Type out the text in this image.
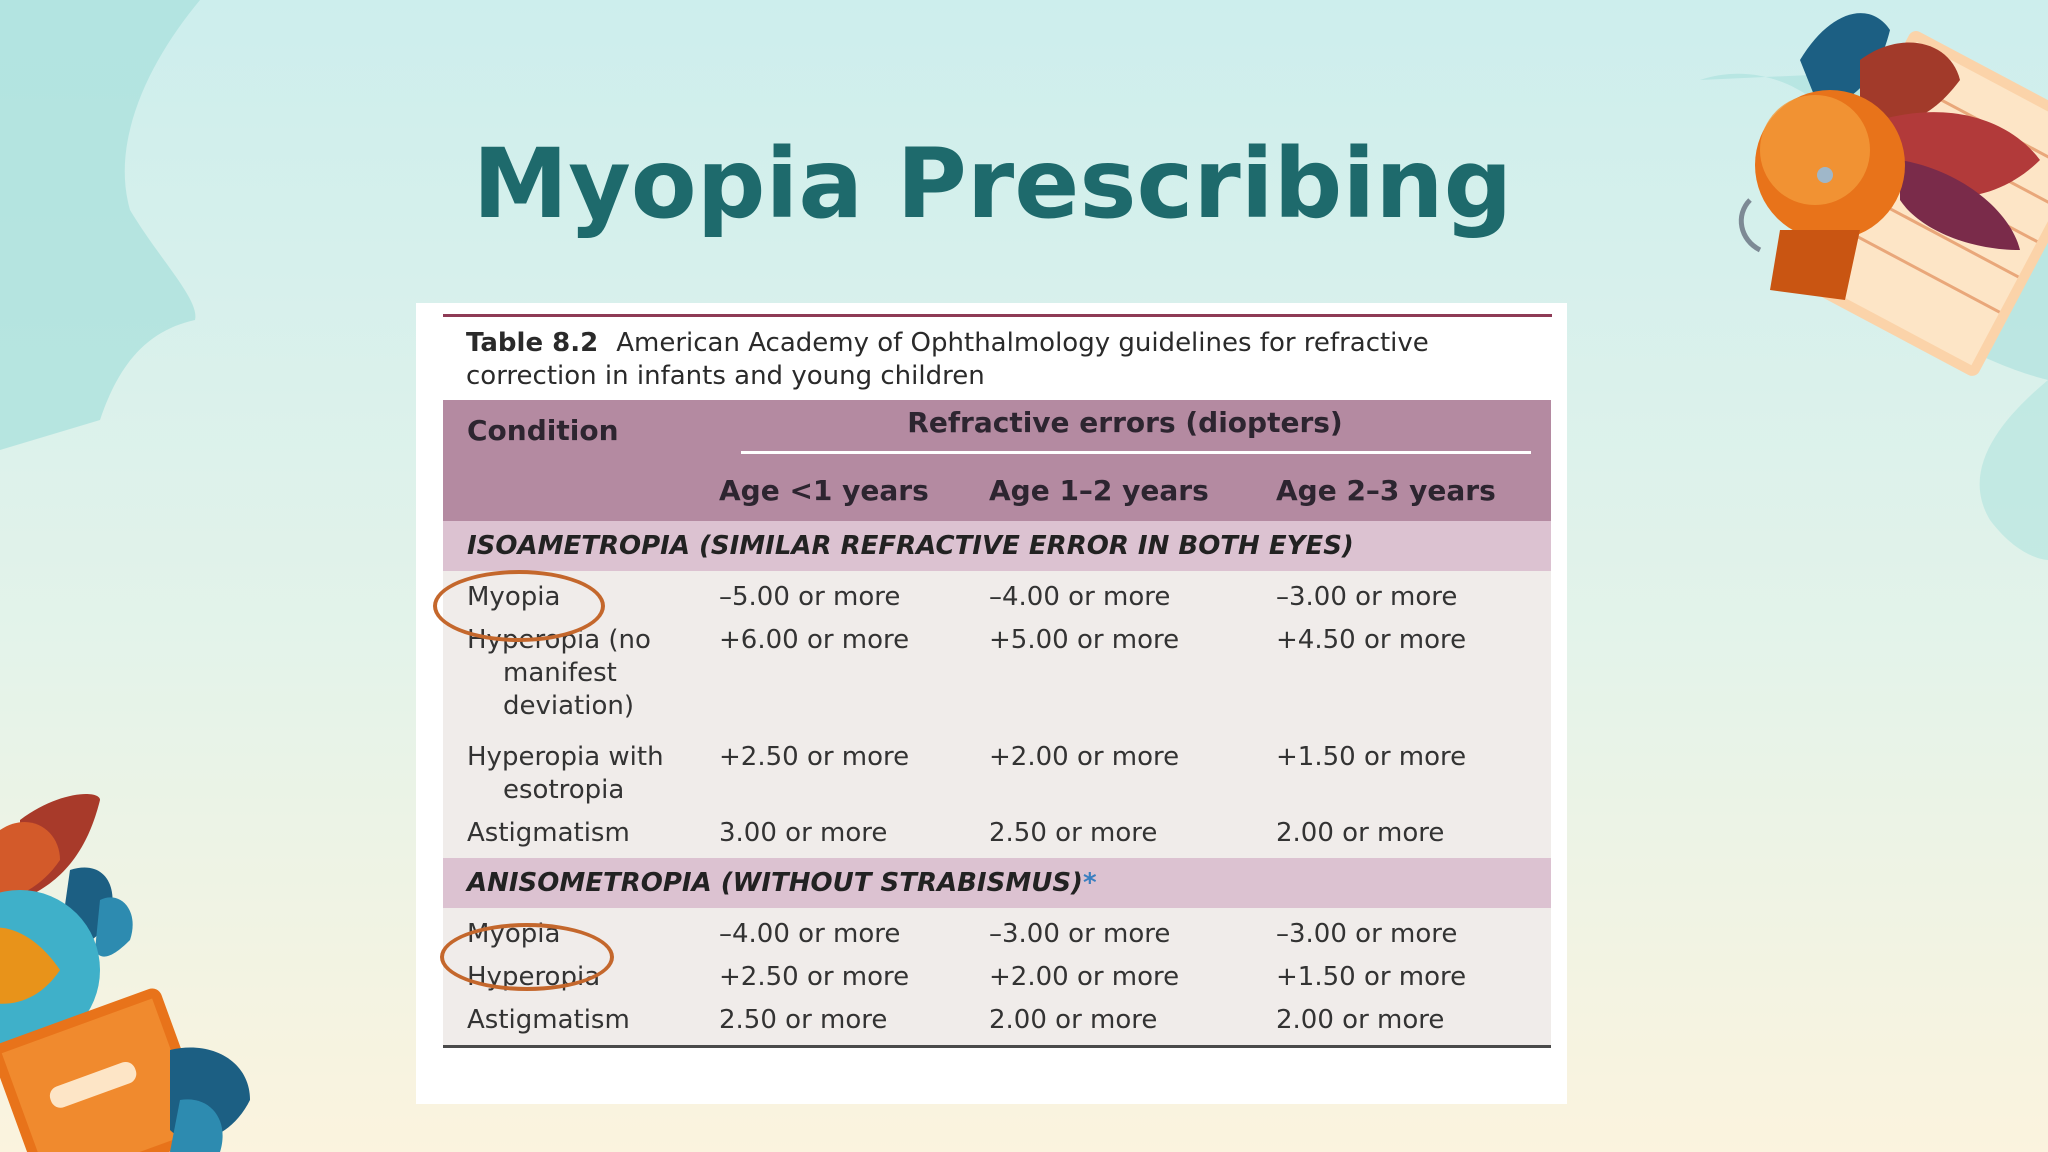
Myopia Prescribing
Table 8.2 American Academy of Ophthalmology guidelines for refractive correction in infants and young children
Condition	Refractive errors (diopters)		

	Age <1 years	Age 1–2 years	Age 2–3 years
ISOAMETROPIA (SIMILAR REFRACTIVE ERROR IN BOTH EYES)			
Myopia	–5.00 or more	–4.00 or more	–3.00 or more
Hyperopia (no
manifest
deviation)	+6.00 or more	+5.00 or more	+4.50 or more
Hyperopia with
esotropia	+2.50 or more	+2.00 or more	+1.50 or more
Astigmatism	3.00 or more	2.50 or more	2.00 or more
ANISOMETROPIA (WITHOUT STRABISMUS)*			
Myopia	–4.00 or more	–3.00 or more	–3.00 or more
Hyperopia	+2.50 or more	+2.00 or more	+1.50 or more
Astigmatism	2.50 or more	2.00 or more	2.00 or more
